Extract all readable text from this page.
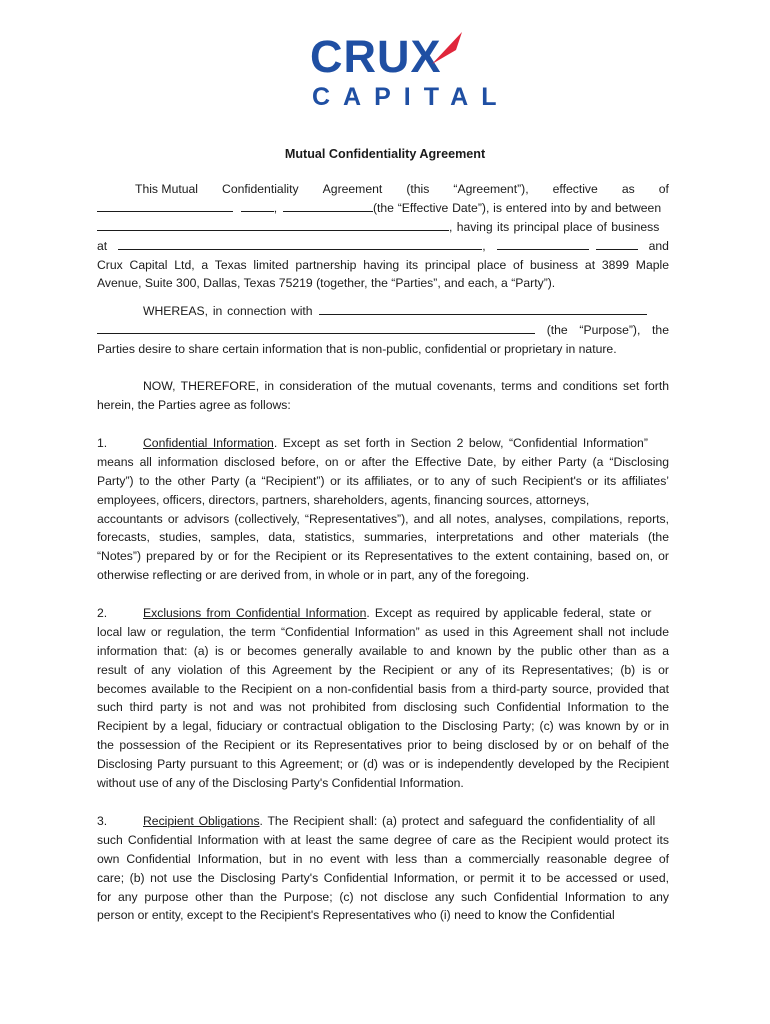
CRUX
CAPITAL
Mutual Confidentiality Agreement
This Mutual Confidentiality Agreement (this “Agreement”), effective as of
,	(the “Effective Date”), is entered into by and between
, having its principal place of business
at	,
	and
Crux Capital Ltd, a Texas limited partnership having its principal place of business at 3899 Maple
Avenue, Suite 300, Dallas, Texas 75219 (together, the “Parties”, and each, a “Party”).
WHEREAS, in connection with
(the “Purpose”), the
Parties desire to share certain information that is non-public, confidential or proprietary in nature.
NOW, THEREFORE, in consideration of the mutual covenants, terms and conditions set forth
herein, the Parties agree as follows:
1.	Confidential Information. Except as set forth in Section 2 below, “Confidential Information”
means all information disclosed before, on or after the Effective Date, by either Party (a “Disclosing
Party”) to the other Party (a “Recipient”) or its affiliates, or to any of such Recipient's or its affiliates’
employees, officers, directors, partners, shareholders, agents, financing sources, attorneys,
accountants or advisors (collectively, “Representatives”), and all notes, analyses, compilations, reports,
forecasts, studies, samples, data, statistics, summaries, interpretations and other materials (the
“Notes”) prepared by or for the Recipient or its Representatives to the extent containing, based on, or
otherwise reflecting or are derived from, in whole or in part, any of the foregoing.
2.	Exclusions from Confidential Information. Except as required by applicable federal, state or
local law or regulation, the term “Confidential Information” as used in this Agreement shall not include
information that: (a) is or becomes generally available to and known by the public other than as a
result of any violation of this Agreement by the Recipient or any of its Representatives; (b) is or
becomes available to the Recipient on a non-confidential basis from a third-party source, provided that
such third party is not and was not prohibited from disclosing such Confidential Information to the
Recipient by a legal, fiduciary or contractual obligation to the Disclosing Party; (c) was known by or in
the possession of the Recipient or its Representatives prior to being disclosed by or on behalf of the
Disclosing Party pursuant to this Agreement; or (d) was or is independently developed by the Recipient
without use of any of the Disclosing Party's Confidential Information.
3.	Recipient Obligations. The Recipient shall: (a) protect and safeguard the confidentiality of all
such Confidential Information with at least the same degree of care as the Recipient would protect its
own Confidential Information, but in no event with less than a commercially reasonable degree of
care; (b) not use the Disclosing Party's Confidential Information, or permit it to be accessed or used,
for any purpose other than the Purpose; (c) not disclose any such Confidential Information to any
person or entity, except to the Recipient's Representatives who (i) need to know the Confidential
